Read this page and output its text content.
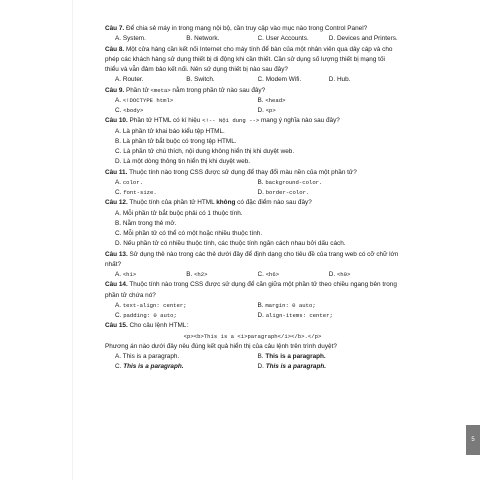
Câu 7. Để chia sẻ máy in trong mạng nội bộ, cần truy cập vào mục nào trong Control Panel?
A. System.	B. Network.	C. User Accounts.	D. Devices and Printers.
Câu 8. Một cửa hàng cần kết nối Internet cho máy tính để bàn của một nhân viên qua dây cáp và cho phép các khách hàng sử dụng thiết bị di động khi cần thiết. Cần sử dụng số lượng thiết bị mạng tối thiểu và vẫn đảm bảo kết nối. Nên sử dụng thiết bị nào sau đây?
A. Router.	B. Switch.	C. Modem Wifi.	D. Hub.
Câu 9. Phần tử <meta> nằm trong phần tử nào sau đây?
A. <!DOCTYPE html>	B. <head>
C. <body>	D. <p>
Câu 10. Phần tử HTML có kí hiệu <!-- Nội dung --> mang ý nghĩa nào sau đây?
A. Là phần tử khai báo kiểu tệp HTML.
B. Là phần tử bắt buộc có trong tệp HTML.
C. Là phần tử chú thích, nội dung không hiển thị khi duyệt web.
D. Là một dòng thông tin hiển thị khi duyệt web.
Câu 11. Thuộc tính nào trong CSS được sử dụng để thay đổi màu nền của một phần tử?
A. color.	B. background-color.
C. font-size.	D. border-color.
Câu 12. Thuộc tính của phần tử HTML không có đặc điểm nào sau đây?
A. Mỗi phần tử bắt buộc phải có 1 thuộc tính.
B. Nằm trong thẻ mở.
C. Mỗi phần tử có thể có một hoặc nhiều thuộc tính.
D. Nếu phần tử có nhiều thuộc tính, các thuộc tính ngăn cách nhau bởi dấu cách.
Câu 13. Sử dụng thẻ nào trong các thẻ dưới đây để định dạng cho tiêu đề của trang web có cỡ chữ lớn nhất?
A. <h1>	B. <h2>	C. <h6>	D. <h0>
Câu 14. Thuộc tính nào trong CSS được sử dụng để căn giữa một phần tử theo chiều ngang bên trong phần tử chứa nó?
A. text-align: center;	B. margin: 0 auto;
C. padding: 0 auto;	D. align-items: center;
Câu 15. Cho câu lệnh HTML:
<p><b>This is a <i>paragraph</i></b>.</p>
Phương án nào dưới đây nêu đúng kết quả hiển thị của câu lệnh trên trình duyệt?
A. This is a paragraph.	B. This is a paragraph.
C. This is a paragraph.	D. This is a paragraph.
5
